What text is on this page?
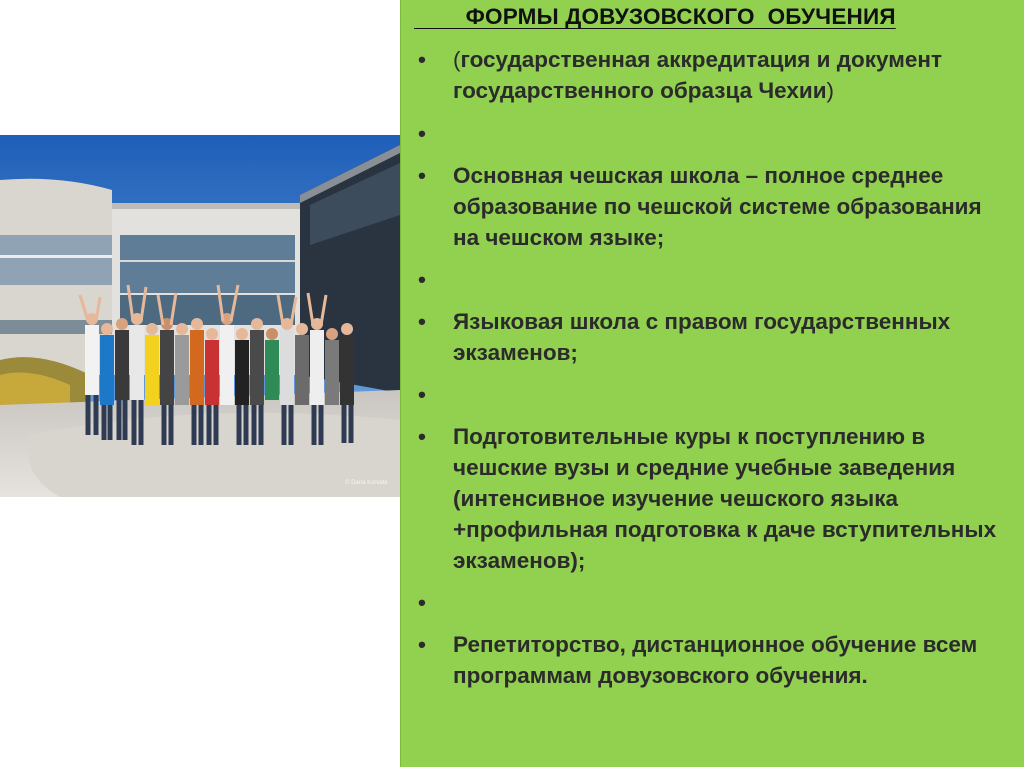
© Daria Korvaté
ФОРМЫ ДОВУЗОВСКОГО  ОБУЧЕНИЯ
• (государственная аккредитация и документ государственного образца Чехии)
•
• Основная чешская школа – полное среднее образование по чешской системе образования на чешском языке;
•
• Языковая школа с правом государственных экзаменов;
•
• Подготовительные куры к поступлению в чешские вузы и средние учебные заведения (интенсивное изучение чешского языка +профильная подготовка к даче вступительных экзаменов);
•
• Репетиторство, дистанционное обучение всем программам довузовского обучения.
